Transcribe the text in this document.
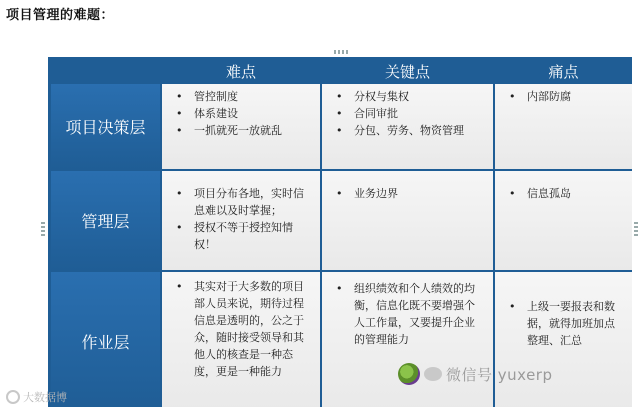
项目管理的难题：
难点	关键点	痛点
项目决策层
• 管控制度
• 体系建设
• 一抓就死一放就乱
• 分权与集权
• 合同审批
• 分包、劳务、物资管理
• 内部防腐
管理层
• 项目分布各地，实时信息难以及时掌握；
• 授权不等于授控知情权！
• 业务边界
•	信息孤岛
作业层
• 其实对于大多数的项目部人员来说，期待过程信息是透明的，公之于众，随时接受领导和其他人的核查是一种态度，更是一种能力
• 组织绩效和个人绩效的均衡，信息化既不要增强个人工作量，又要提升企业的管理能力
• 上级一要报表和数据，就得加班加点整理、汇总
大数据博
微信号 yuxerp
